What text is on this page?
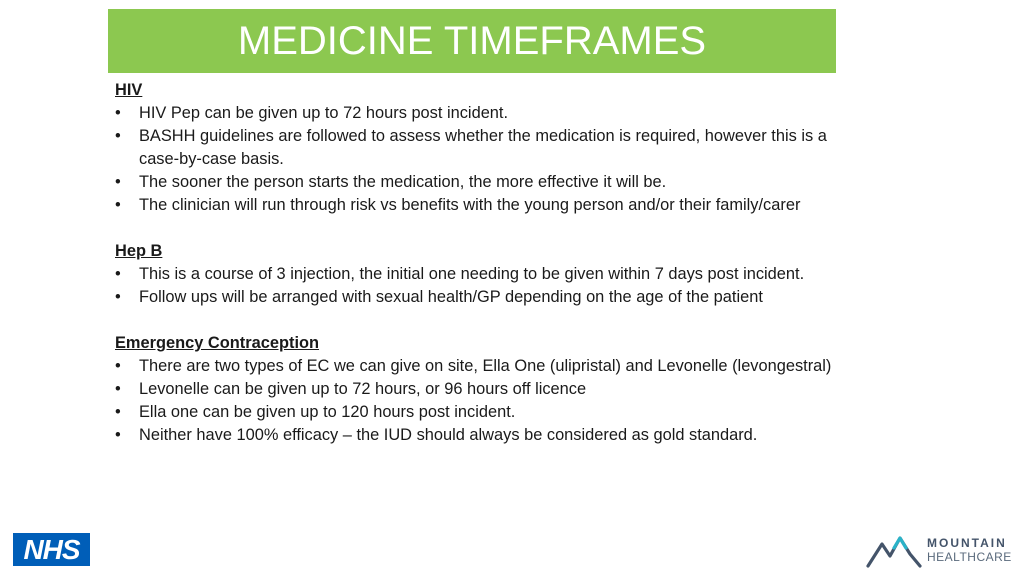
MEDICINE TIMEFRAMES

HIV

• HIV Pep can be given up to 72 hours post incident.
• BASHH guidelines are followed to assess whether the medication is required, however this is a case-by-case basis.
• The sooner the person starts the medication, the more effective it will be.
• The clinician will run through risk vs benefits with the young person and/or their family/carer

Hep B

• This is a course of 3 injection, the initial one needing to be given within 7 days post incident.
• Follow ups will be arranged with sexual health/GP depending on the age of the patient

Emergency Contraception

• There are two types of EC we can give on site, Ella One (ulipristal) and Levonelle (levongestral)
• Levonelle can be given up to 72 hours, or 96 hours off licence
• Ella one can be given up to 120 hours post incident.
• Neither have 100% efficacy – the IUD should always be considered as gold standard.
NHS	MOUNTAIN
HEALTHCARE
